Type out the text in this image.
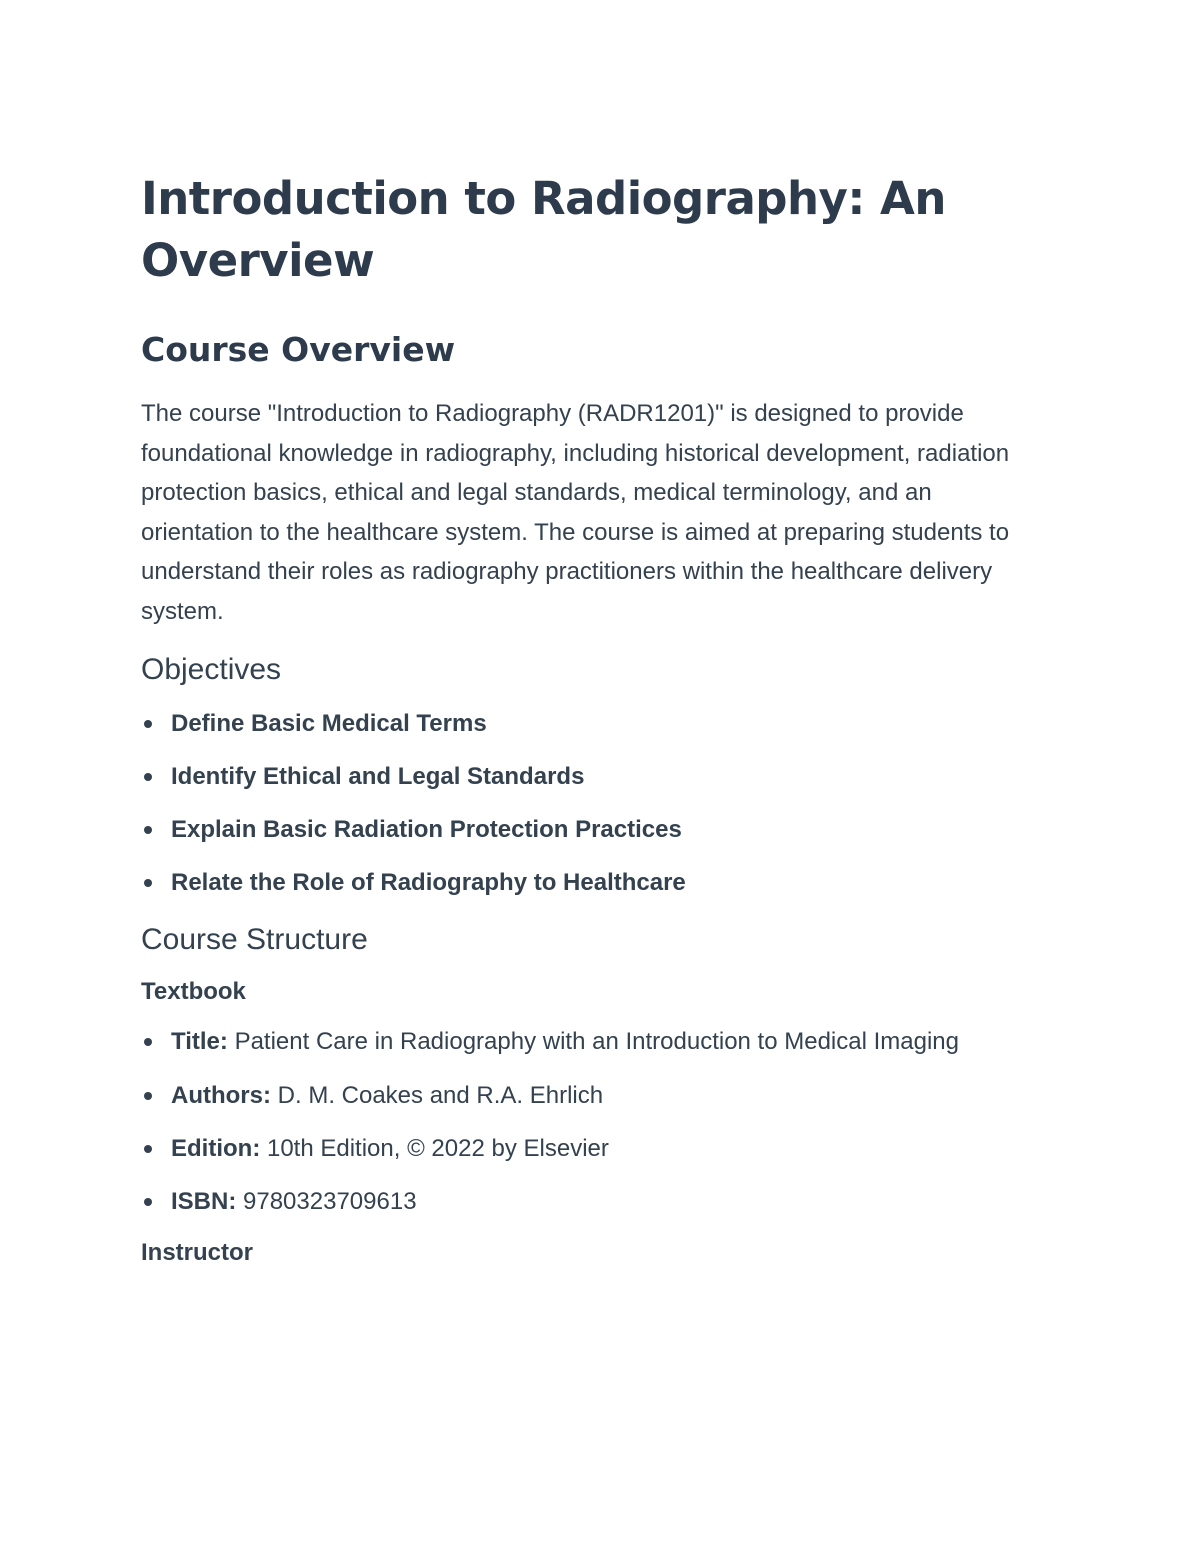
Introduction to Radiography: An Overview
Course Overview

The course "Introduction to Radiography (RADR1201)" is designed to provide foundational knowledge in radiography, including historical development, radiation protection basics, ethical and legal standards, medical terminology, and an orientation to the healthcare system. The course is aimed at preparing students to understand their roles as radiography practitioners within the healthcare delivery system.

Objectives
Define Basic Medical Terms
Identify Ethical and Legal Standards
Explain Basic Radiation Protection Practices
Relate the Role of Radiography to Healthcare
Course Structure
Textbook
Title: Patient Care in Radiography with an Introduction to Medical Imaging
Authors: D. M. Coakes and R.A. Ehrlich
Edition: 10th Edition, © 2022 by Elsevier
ISBN: 9780323709613
Instructor
